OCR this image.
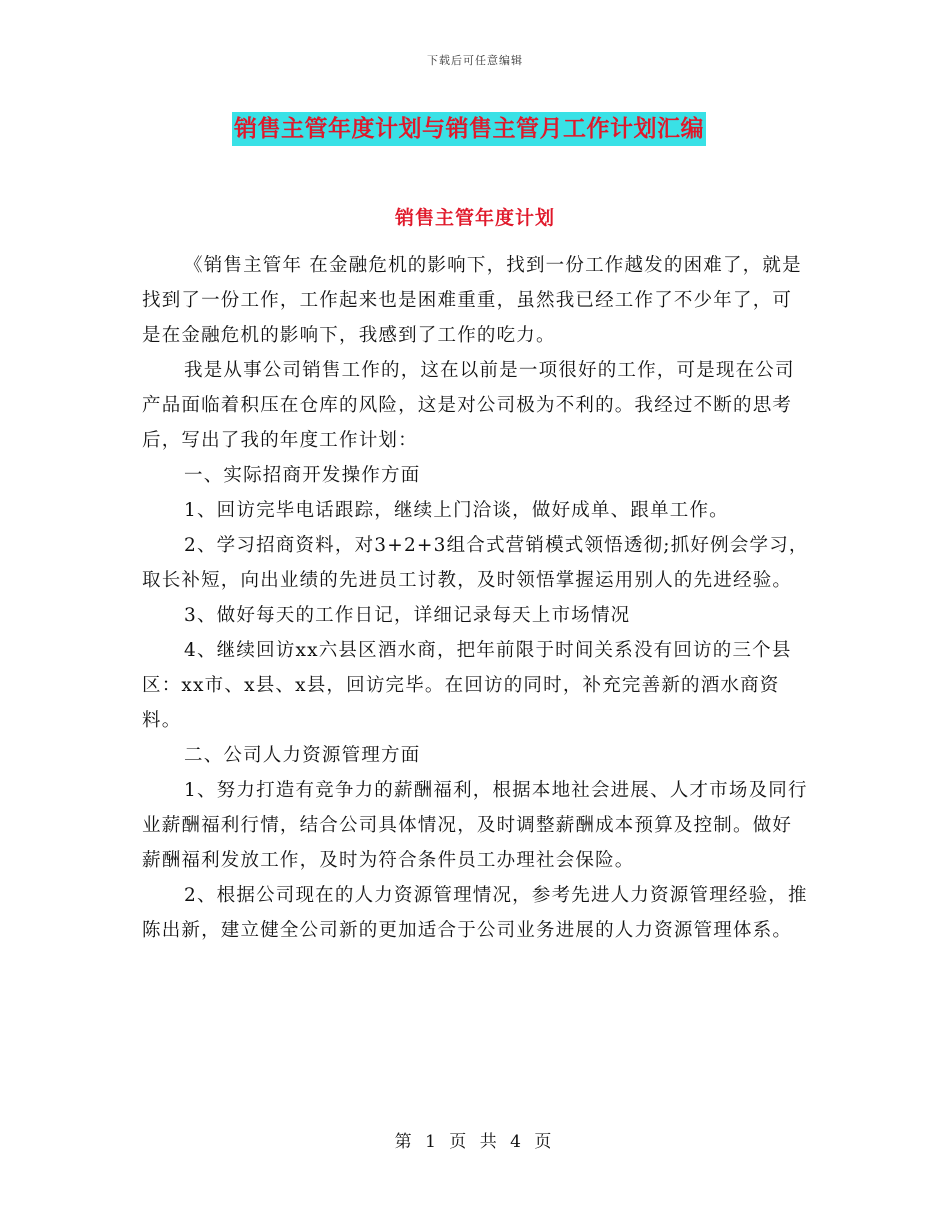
下载后可任意编辑
销售主管年度计划与销售主管月工作计划汇编
销售主管年度计划

《销售主管年 在金融危机的影响下，找到一份工作越发的困难了，就是找到了一份工作，工作起来也是困难重重，虽然我已经工作了不少年了，可是在金融危机的影响下，我感到了工作的吃力。

我是从事公司销售工作的，这在以前是一项很好的工作，可是现在公司产品面临着积压在仓库的风险，这是对公司极为不利的。我经过不断的思考后，写出了我的年度工作计划：

一、实际招商开发操作方面

1、回访完毕电话跟踪，继续上门洽谈，做好成单、跟单工作。

2、学习招商资料，对3+2+3组合式营销模式领悟透彻;抓好例会学习，取长补短，向出业绩的先进员工讨教，及时领悟掌握运用别人的先进经验。

3、做好每天的工作日记，详细记录每天上市场情况

4、继续回访xx六县区酒水商，把年前限于时间关系没有回访的三个县区：xx市、x县、x县，回访完毕。在回访的同时，补充完善新的酒水商资料。

二、公司人力资源管理方面

1、努力打造有竞争力的薪酬福利，根据本地社会进展、人才市场及同行业薪酬福利行情，结合公司具体情况，及时调整薪酬成本预算及控制。做好薪酬福利发放工作，及时为符合条件员工办理社会保险。

2、根据公司现在的人力资源管理情况，参考先进人力资源管理经验，推陈出新，建立健全公司新的更加适合于公司业务进展的人力资源管理体系。

第 1 页 共 4 页
